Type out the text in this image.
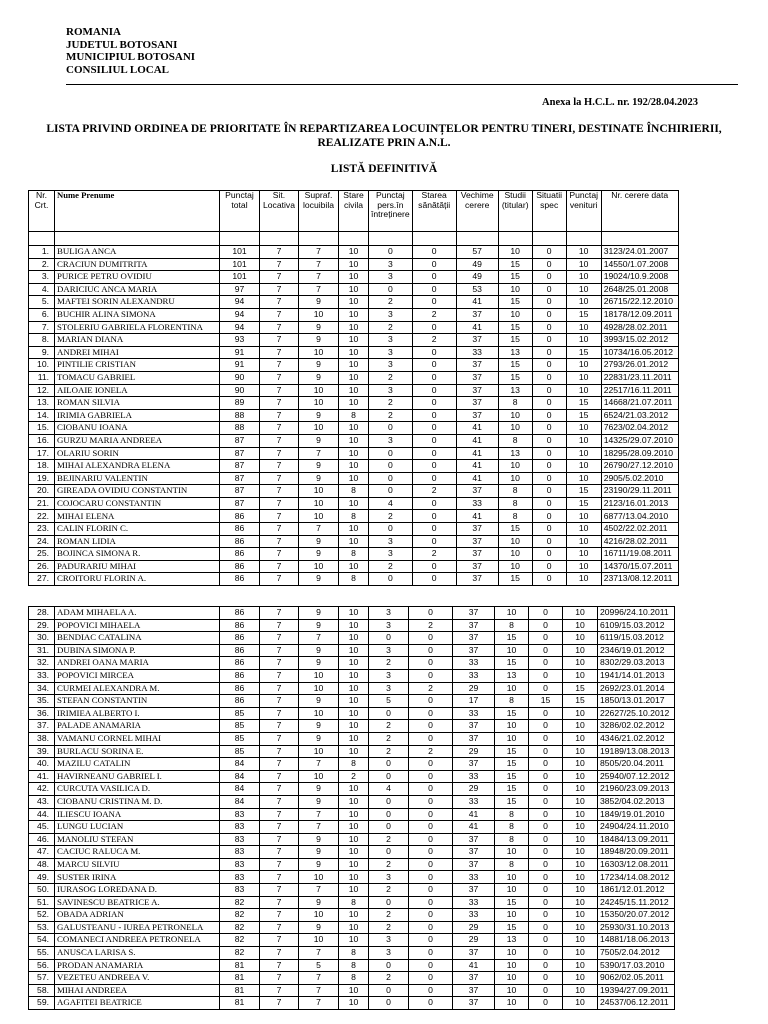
ROMANIA
JUDETUL BOTOSANI
MUNICIPIUL BOTOSANI
CONSILIUL LOCAL
Anexa la H.C.L. nr. 192/28.04.2023
LISTA PRIVIND ORDINEA DE PRIORITATE ÎN REPARTIZAREA LOCUINȚELOR PENTRU TINERI, DESTINATE ÎNCHIRIERII, REALIZATE PRIN A.N.L.
LISTĂ DEFINITIVĂ
Nr. Crt.	Nume Prenume	Punctaj total	Sit. Locativa	Supraf. locuibila	Stare civila	Punctaj pers.în întreținere	Starea sănătății	Vechime cerere	Studii (titular)	Situatii spec	Punctaj venituri	Nr. cerere data

1.	BULIGA ANCA	101	7	7	10	0	0	57	10	0	10	3123/24.01.2007
2.	CRACIUN DUMITRITA	101	7	7	10	3	0	49	15	0	10	14550/1.07.2008
3.	PURICE PETRU OVIDIU	101	7	7	10	3	0	49	15	0	10	19024/10.9.2008
4.	DARICIUC ANCA MARIA	97	7	7	10	0	0	53	10	0	10	2648/25.01.2008
5.	MAFTEI SORIN ALEXANDRU	94	7	9	10	2	0	41	15	0	10	26715/22.12.2010
6.	BUCHIR ALINA SIMONA	94	7	10	10	3	2	37	10	0	15	18178/12.09.2011
7.	STOLERIU GABRIELA FLORENTINA	94	7	9	10	2	0	41	15	0	10	4928/28.02.2011
8.	MARIAN DIANA	93	7	9	10	3	2	37	15	0	10	3993/15.02.2012
9.	ANDREI MIHAI	91	7	10	10	3	0	33	13	0	15	10734/16.05.2012
10.	PINTILIE CRISTIAN	91	7	9	10	3	0	37	15	0	10	2793/26.01.2012
11.	TOMACU GABRIEL	90	7	9	10	2	0	37	15	0	10	22831/23.11.2011
12.	AILOAIE IONELA	90	7	10	10	3	0	37	13	0	10	22517/16.11.2011
13.	ROMAN SILVIA	89	7	10	10	2	0	37	8	0	15	14668/21.07.2011
14.	IRIMIA GABRIELA	88	7	9	8	2	0	37	10	0	15	6524/21.03.2012
15.	CIOBANU IOANA	88	7	10	10	0	0	41	10	0	10	7623/02.04.2012
16.	GURZU MARIA ANDREEA	87	7	9	10	3	0	41	8	0	10	14325/29.07.2010
17.	OLARIU SORIN	87	7	7	10	0	0	41	13	0	10	18295/28.09.2010
18.	MIHAI ALEXANDRA ELENA	87	7	9	10	0	0	41	10	0	10	26790/27.12.2010
19.	BEJINARIU VALENTIN	87	7	9	10	0	0	41	10	0	10	2905/5.02.2010
20.	GIREADA OVIDIU CONSTANTIN	87	7	10	8	0	2	37	8	0	15	23190/29.11.2011
21.	COJOCARU CONSTANTIN	87	7	10	10	4	0	33	8	0	15	2123/16.01.2013
22.	MIHAI ELENA	86	7	10	8	2	0	41	8	0	10	6877/13.04.2010
23.	CALIN FLORIN C.	86	7	7	10	0	0	37	15	0	10	4502/22.02.2011
24.	ROMAN LIDIA	86	7	9	10	3	0	37	10	0	10	4216/28.02.2011
25.	BOJINCA SIMONA R.	86	7	9	8	3	2	37	10	0	10	16711/19.08.2011
26.	PADURARIU MIHAI	86	7	10	10	2	0	37	10	0	10	14370/15.07.2011
27.	CROITORU FLORIN A.	86	7	9	8	0	0	37	15	0	10	23713/08.12.2011
28.	ADAM MIHAELA A.	86	7	9	10	3	0	37	10	0	10	20996/24.10.2011
29.	POPOVICI MIHAELA	86	7	9	10	3	2	37	8	0	10	6109/15.03.2012
30.	BENDIAC CATALINA	86	7	7	10	0	0	37	15	0	10	6119/15.03.2012
31.	DUBINA SIMONA P.	86	7	9	10	3	0	37	10	0	10	2346/19.01.2012
32.	ANDREI OANA MARIA	86	7	9	10	2	0	33	15	0	10	8302/29.03.2013
33.	POPOVICI MIRCEA	86	7	10	10	3	0	33	13	0	10	1941/14.01.2013
34.	CURMEI ALEXANDRA M.	86	7	10	10	3	2	29	10	0	15	2692/23.01.2014
35.	STEFAN CONSTANTIN	86	7	9	10	5	0	17	8	15	15	1850/13.01.2017
36.	IRIMIEA ALBERTO I.	85	7	10	10	0	0	33	15	0	10	22627/25.10.2012
37.	PALADE ANAMARIA	85	7	9	10	2	0	37	10	0	10	3286/02.02.2012
38.	VAMANU CORNEL MIHAI	85	7	9	10	2	0	37	10	0	10	4346/21.02.2012
39.	BURLACU SORINA E.	85	7	10	10	2	2	29	15	0	10	19189/13.08.2013
40.	MAZILU CATALIN	84	7	7	8	0	0	37	15	0	10	8505/20.04.2011
41.	HAVIRNEANU GABRIEL I.	84	7	10	2	0	0	33	15	0	10	25940/07.12.2012
42.	CURCUTA VASILICA D.	84	7	9	10	4	0	29	15	0	10	21960/23.09.2013
43.	CIOBANU CRISTINA M. D.	84	7	9	10	0	0	33	15	0	10	3852/04.02.2013
44.	ILIESCU IOANA	83	7	7	10	0	0	41	8	0	10	1849/19.01.2010
45.	LUNGU LUCIAN	83	7	7	10	0	0	41	8	0	10	24904/24.11.2010
46.	MANOLIU STEFAN	83	7	9	10	2	0	37	8	0	10	18484/13.09.2011
47.	CACIUC RALUCA M.	83	7	9	10	0	0	37	10	0	10	18948/20.09.2011
48.	MARCU SILVIU	83	7	9	10	2	0	37	8	0	10	16303/12.08.2011
49.	SUSTER IRINA	83	7	10	10	3	0	33	10	0	10	17234/14.08.2012
50.	IURASOG LOREDANA D.	83	7	7	10	2	0	37	10	0	10	1861/12.01.2012
51.	SAVINESCU BEATRICE A.	82	7	9	8	0	0	33	15	0	10	24245/15.11.2012
52.	OBADA ADRIAN	82	7	10	10	2	0	33	10	0	10	15350/20.07.2012
53.	GALUSTEANU - IUREA PETRONELA	82	7	9	10	2	0	29	15	0	10	25930/31.10.2013
54.	COMANECI ANDREEA PETRONELA	82	7	10	10	3	0	29	13	0	10	14881/18.06.2013
55.	ANUSCA LARISA S.	82	7	7	8	3	0	37	10	0	10	7505/2.04.2012
56.	PRODAN ANAMARIA	81	7	5	8	0	0	41	10	0	10	5390/17.03.2010
57.	VEZETEU ANDREEA V.	81	7	7	8	2	0	37	10	0	10	9062/02.05.2011
58.	MIHAI ANDREEA	81	7	7	10	0	0	37	10	0	10	19394/27.09.2011
59.	AGAFITEI BEATRICE	81	7	7	10	0	0	37	10	0	10	24537/06.12.2011
